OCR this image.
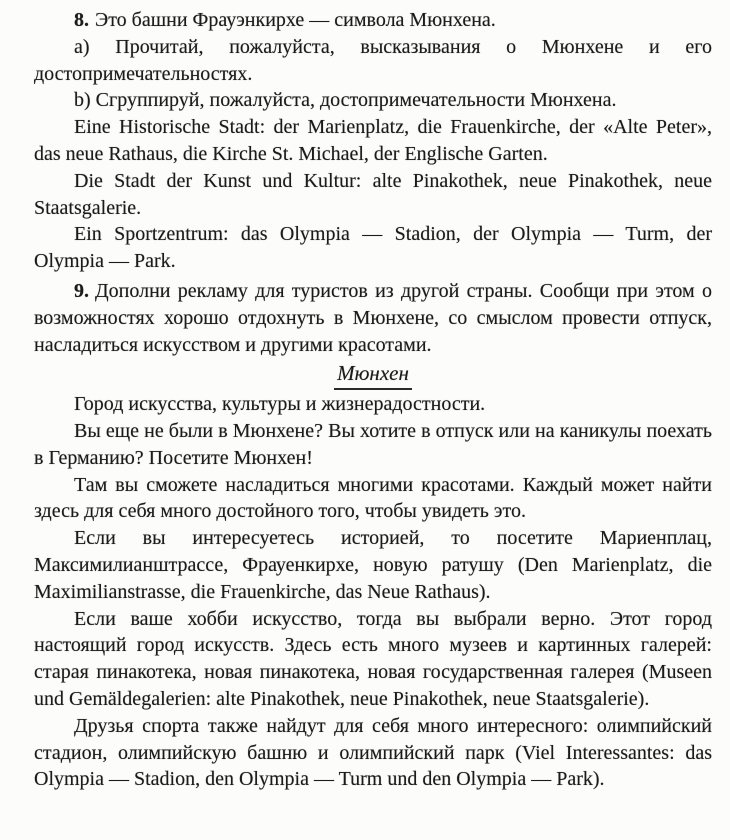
8. Это башни Фрауэнкирхе — символа Мюнхена.

a) Прочитай, пожалуйста, высказывания о Мюнхене и его достопримечательностях.

b) Сгруппируй, пожалуйста, достопримечательности Мюнхена.

Eine Historische Stadt: der Marienplatz, die Frauenkirche, der «Alte Peter», das neue Rathaus, die Kirche St. Michael, der Englische Garten.

Die Stadt der Kunst und Kultur: alte Pinakothek, neue Pinakothek, neue Staatsgalerie.

Ein Sportzentrum: das Olympia — Stadion, der Olympia — Turm, der Olympia — Park.

9. Дополни рекламу для туристов из другой страны. Сообщи при этом о возможностях хорошо отдохнуть в Мюнхене, со смыслом провести отпуск, насладиться искусством и другими красотами.

Мюнхен

Город искусства, культуры и жизнерадостности.

Вы еще не были в Мюнхене? Вы хотите в отпуск или на каникулы поехать в Германию? Посетите Мюнхен!

Там вы сможете насладиться многими красотами. Каждый может найти здесь для себя много достойного того, чтобы увидеть это.

Если вы интересуетесь историей, то посетите Мариенплац, Максимилианштрассе, Фрауенкирхе, новую ратушу (Den Marienplatz, die Maximilianstrasse, die Frauenkirche, das Neue Rathaus).

Если ваше хобби искусство, тогда вы выбрали верно. Этот город настоящий город искусств. Здесь есть много музеев и картинных галерей: старая пинакотека, новая пинакотека, новая государственная галерея (Museen und Gemäldegalerien: alte Pinakothek, neue Pinakothek, neue Staatsgalerie).

Друзья спорта также найдут для себя много интересного: олимпийский стадион, олимпийскую башню и олимпийский парк (Viel Interessantes: das Olympia — Stadion, den Olympia — Turm und den Olympia — Park).
